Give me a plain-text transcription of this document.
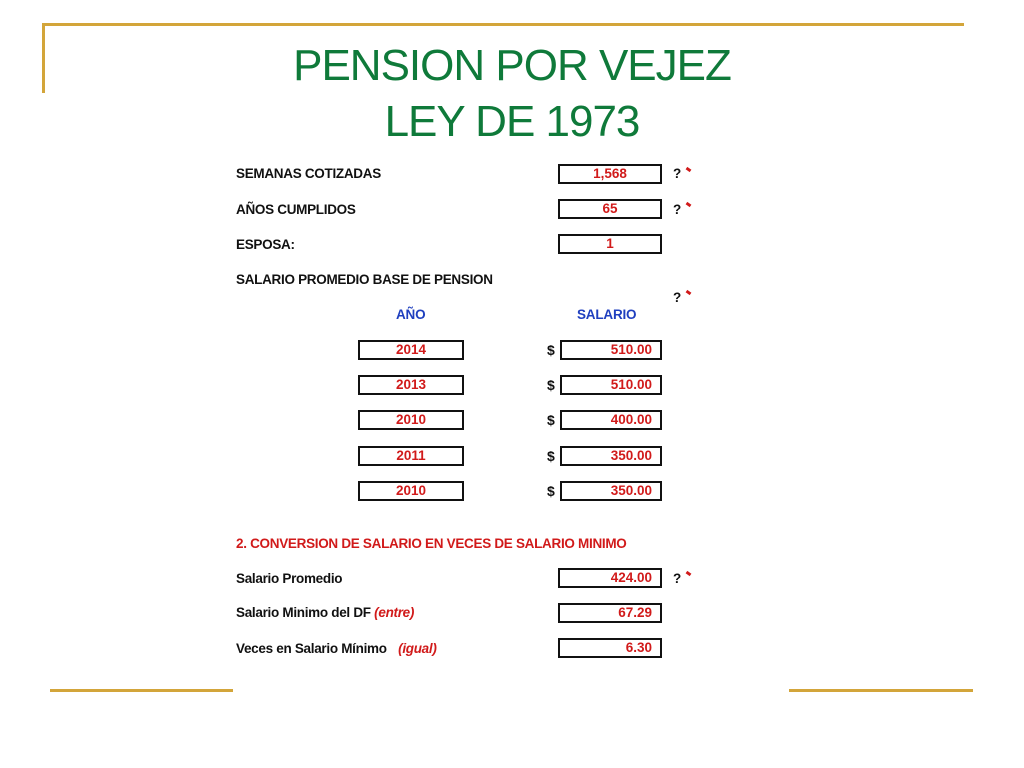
PENSION POR VEJEZ
LEY DE 1973
SEMANAS COTIZADAS	1,568	?
AÑOS CUMPLIDOS	65	?
ESPOSA:	1
SALARIO PROMEDIO BASE DE PENSION
?
AÑO	SALARIO
2014	$	510.00
2013	$	510.00
2010	$	400.00
2011	$	350.00
2010	$	350.00
2. CONVERSION DE SALARIO EN VECES DE SALARIO MINIMO
Salario Promedio	424.00	?
Salario Minimo del DF (entre)	67.29
Veces en Salario Mínimo (igual)	6.30
